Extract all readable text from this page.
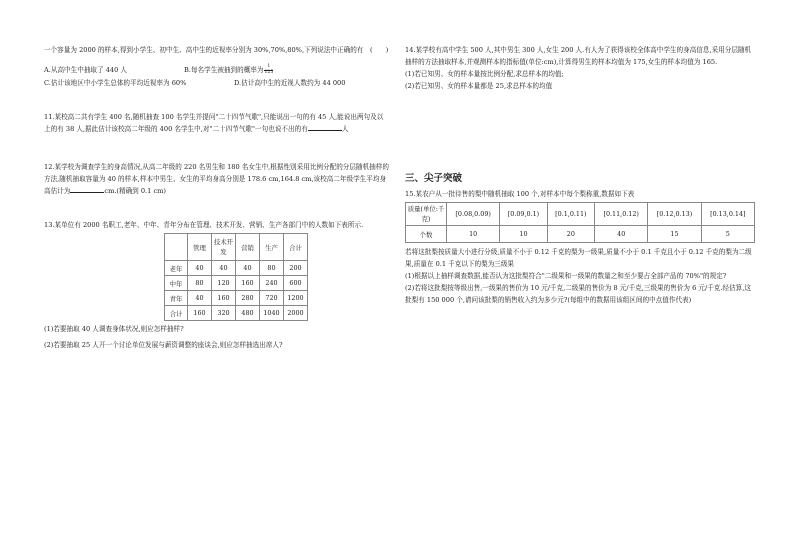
一个容量为 2000 的样本,得到小学生、初中生、高中生的近视率分别为 30%,70%,80%,下列说法中正确的有　(　　)

A.从高中生中抽取了 440 人	B.每名学生被抽到的概率为 $\frac{1}{125}$
C.估计该地区中小学生总体的平均近视率为 60%	D.估计高中生的近视人数约为 44 000

11.某校高二共有学生 400 名,随机抽查 100 名学生并提问"二十四节气歌",只能说出一句的有 45 人,能说出两句及以上的有 38 人,据此估计该校高二年级的 400 名学生中,对"二十四节气歌"一句也说不出的有	人

12.某学校为调查学生的身高情况,从高二年级的 220 名男生和 180 名女生中,根据性别采用比例分配的分层随机抽样的方法,随机抽取容量为 40 的样本,样本中男生、女生的平均身高分别是 178.6 cm,164.8 cm,该校高二年级学生平均身高估计为	cm.(精确到 0.1 cm)

13.某单位有 2000 名职工,老年、中年、青年分布在管理、技术开发、营销、生产各部门中的人数如下表所示.

	管理	技术开发	营销	生产	合计
老年	40	40	40	80	200
中年	80	120	160	240	600
青年	40	160	280	720	1200
合计	160	320	480	1040	2000

(1)若要抽取 40 人调查身体状况,则应怎样抽样?

(2)若要抽取 25 人开一个讨论单位发展与薪资调整的座谈会,则应怎样抽选出席人?

14.某学校有高中学生 500 人,其中男生 300 人,女生 200 人.有人为了获得该校全体高中学生的身高信息,采用分层随机抽样的方法抽取样本,并观测样本的指标值(单位:cm),计算得男生的样本均值为 175,女生的样本均值为 165.

(1)若已知男、女的样本量按比例分配,求总样本的均值;

(2)若已知男、女的样本量都是 25,求总样本的均值

三、尖子突破

15.某农户从一批待售的梨中随机抽取 100 个,对样本中每个梨称重,数据如下表

质量(单位:千克)	[0.08,0.09)	[0.09,0.1)	[0.1,0.11)	[0.11,0.12)	[0.12,0.13)	[0.13,0.14]
个数	10	10	20	40	15	5

若将这批梨按质量大小进行分级,质量不小于 0.12 千克的梨为一级果,质量不小于 0.1 千克且小于 0.12 千克的梨为二级果,质量在 0.1 千克以下的梨为三级果

(1)根据以上抽样调查数据,能否认为这批梨符合"二级果和一级果的数量之和至少要占全部产品的 70%"的规定?

(2)若将这批梨按等级出售,一级果的售价为 10 元/千克,二级果的售价为 8 元/千克,三级果的售价为 6 元/千克.经估算,这批梨有 150 000 个,请问该批梨的销售收入约为多少元?(每组中的数据用该组区间的中点值作代表)
